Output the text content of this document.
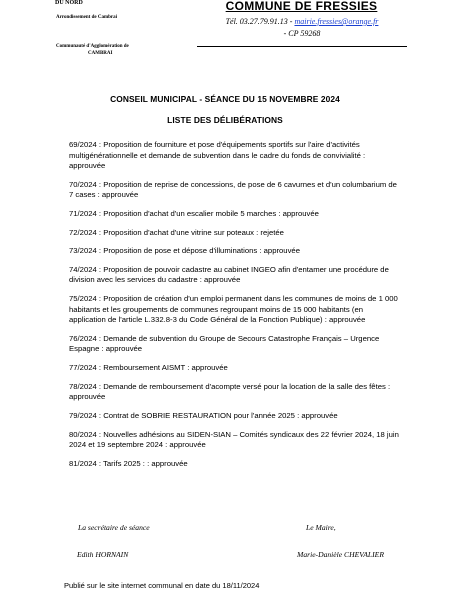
DU NORD
Arrondissement de Cambrai
Communauté d'Agglomération de
CAMBRAI
COMMUNE DE FRESSIES
Tél. 03.27.79.91.13 - mairie.fressies@orange.fr
- CP 59268
CONSEIL MUNICIPAL - SÉANCE DU 15 NOVEMBRE 2024
LISTE DES DÉLIBÉRATIONS

69/2024 : Proposition de fourniture et pose d'équipements sportifs sur l'aire d'activités multigénérationnelle et demande de subvention dans le cadre du fonds de convivialité : approuvée

70/2024 : Proposition de reprise de concessions, de pose de 6 cavurnes et d'un columbarium de 7 cases : approuvée

71/2024 : Proposition d'achat d'un escalier mobile 5 marches : approuvée

72/2024 : Proposition d'achat d'une vitrine sur poteaux : rejetée

73/2024 : Proposition de pose et dépose d'illuminations : approuvée

74/2024 : Proposition de pouvoir cadastre au cabinet INGEO afin d'entamer une procédure de division avec les services du cadastre : approuvée

75/2024 : Proposition de création d'un emploi permanent dans les communes de moins de 1 000 habitants et les groupements de communes regroupant moins de 15 000 habitants (en application de l'article L.332.8-3 du Code Général de la Fonction Publique) : approuvée

76/2024 : Demande de subvention du Groupe de Secours Catastrophe Français – Urgence Espagne : approuvée

77/2024 : Remboursement AISMT : approuvée

78/2024 : Demande de remboursement d'acompte versé pour la location de la salle des fêtes : approuvée

79/2024 : Contrat de SOBRIE RESTAURATION pour l'année 2025 : approuvée

80/2024 : Nouvelles adhésions au SIDEN-SIAN – Comités syndicaux des 22 février 2024, 18 juin 2024 et 19 septembre 2024 : approuvée

81/2024 : Tarifs 2025 : : approuvée

La secrétaire de séance	Le Maire,
Edith HORNAIN	Marie-Danièle CHEVALIER
Publié sur le site internet communal en date du 18/11/2024
